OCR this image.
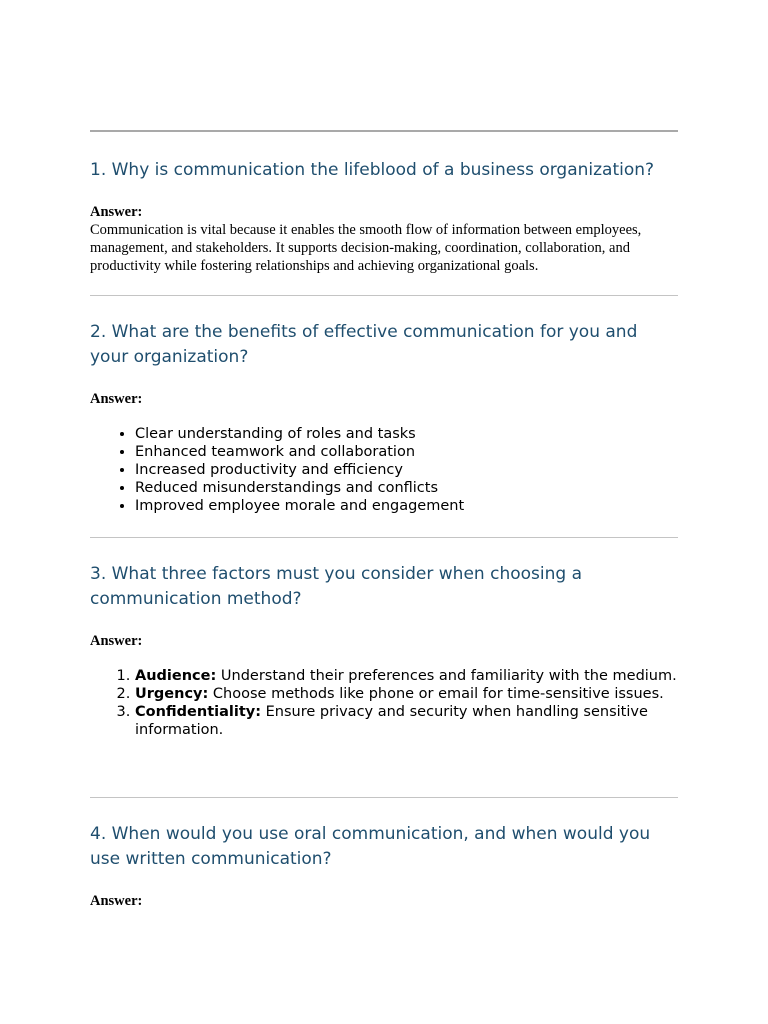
1. Why is communication the lifeblood of a business organization?

Answer:

Communication is vital because it enables the smooth flow of information between employees, management, and stakeholders. It supports decision-making, coordination, collaboration, and productivity while fostering relationships and achieving organizational goals.

2. What are the benefits of effective communication for you and your organization?

Answer:

• Clear understanding of roles and tasks
• Enhanced teamwork and collaboration
• Increased productivity and efficiency
• Reduced misunderstandings and conflicts
• Improved employee morale and engagement
3. What three factors must you consider when choosing a communication method?

Answer:

1. Audience: Understand their preferences and familiarity with the medium.
2. Urgency: Choose methods like phone or email for time-sensitive issues.
3. Confidentiality: Ensure privacy and security when handling sensitive information.
4. When would you use oral communication, and when would you use written communication?

Answer:
